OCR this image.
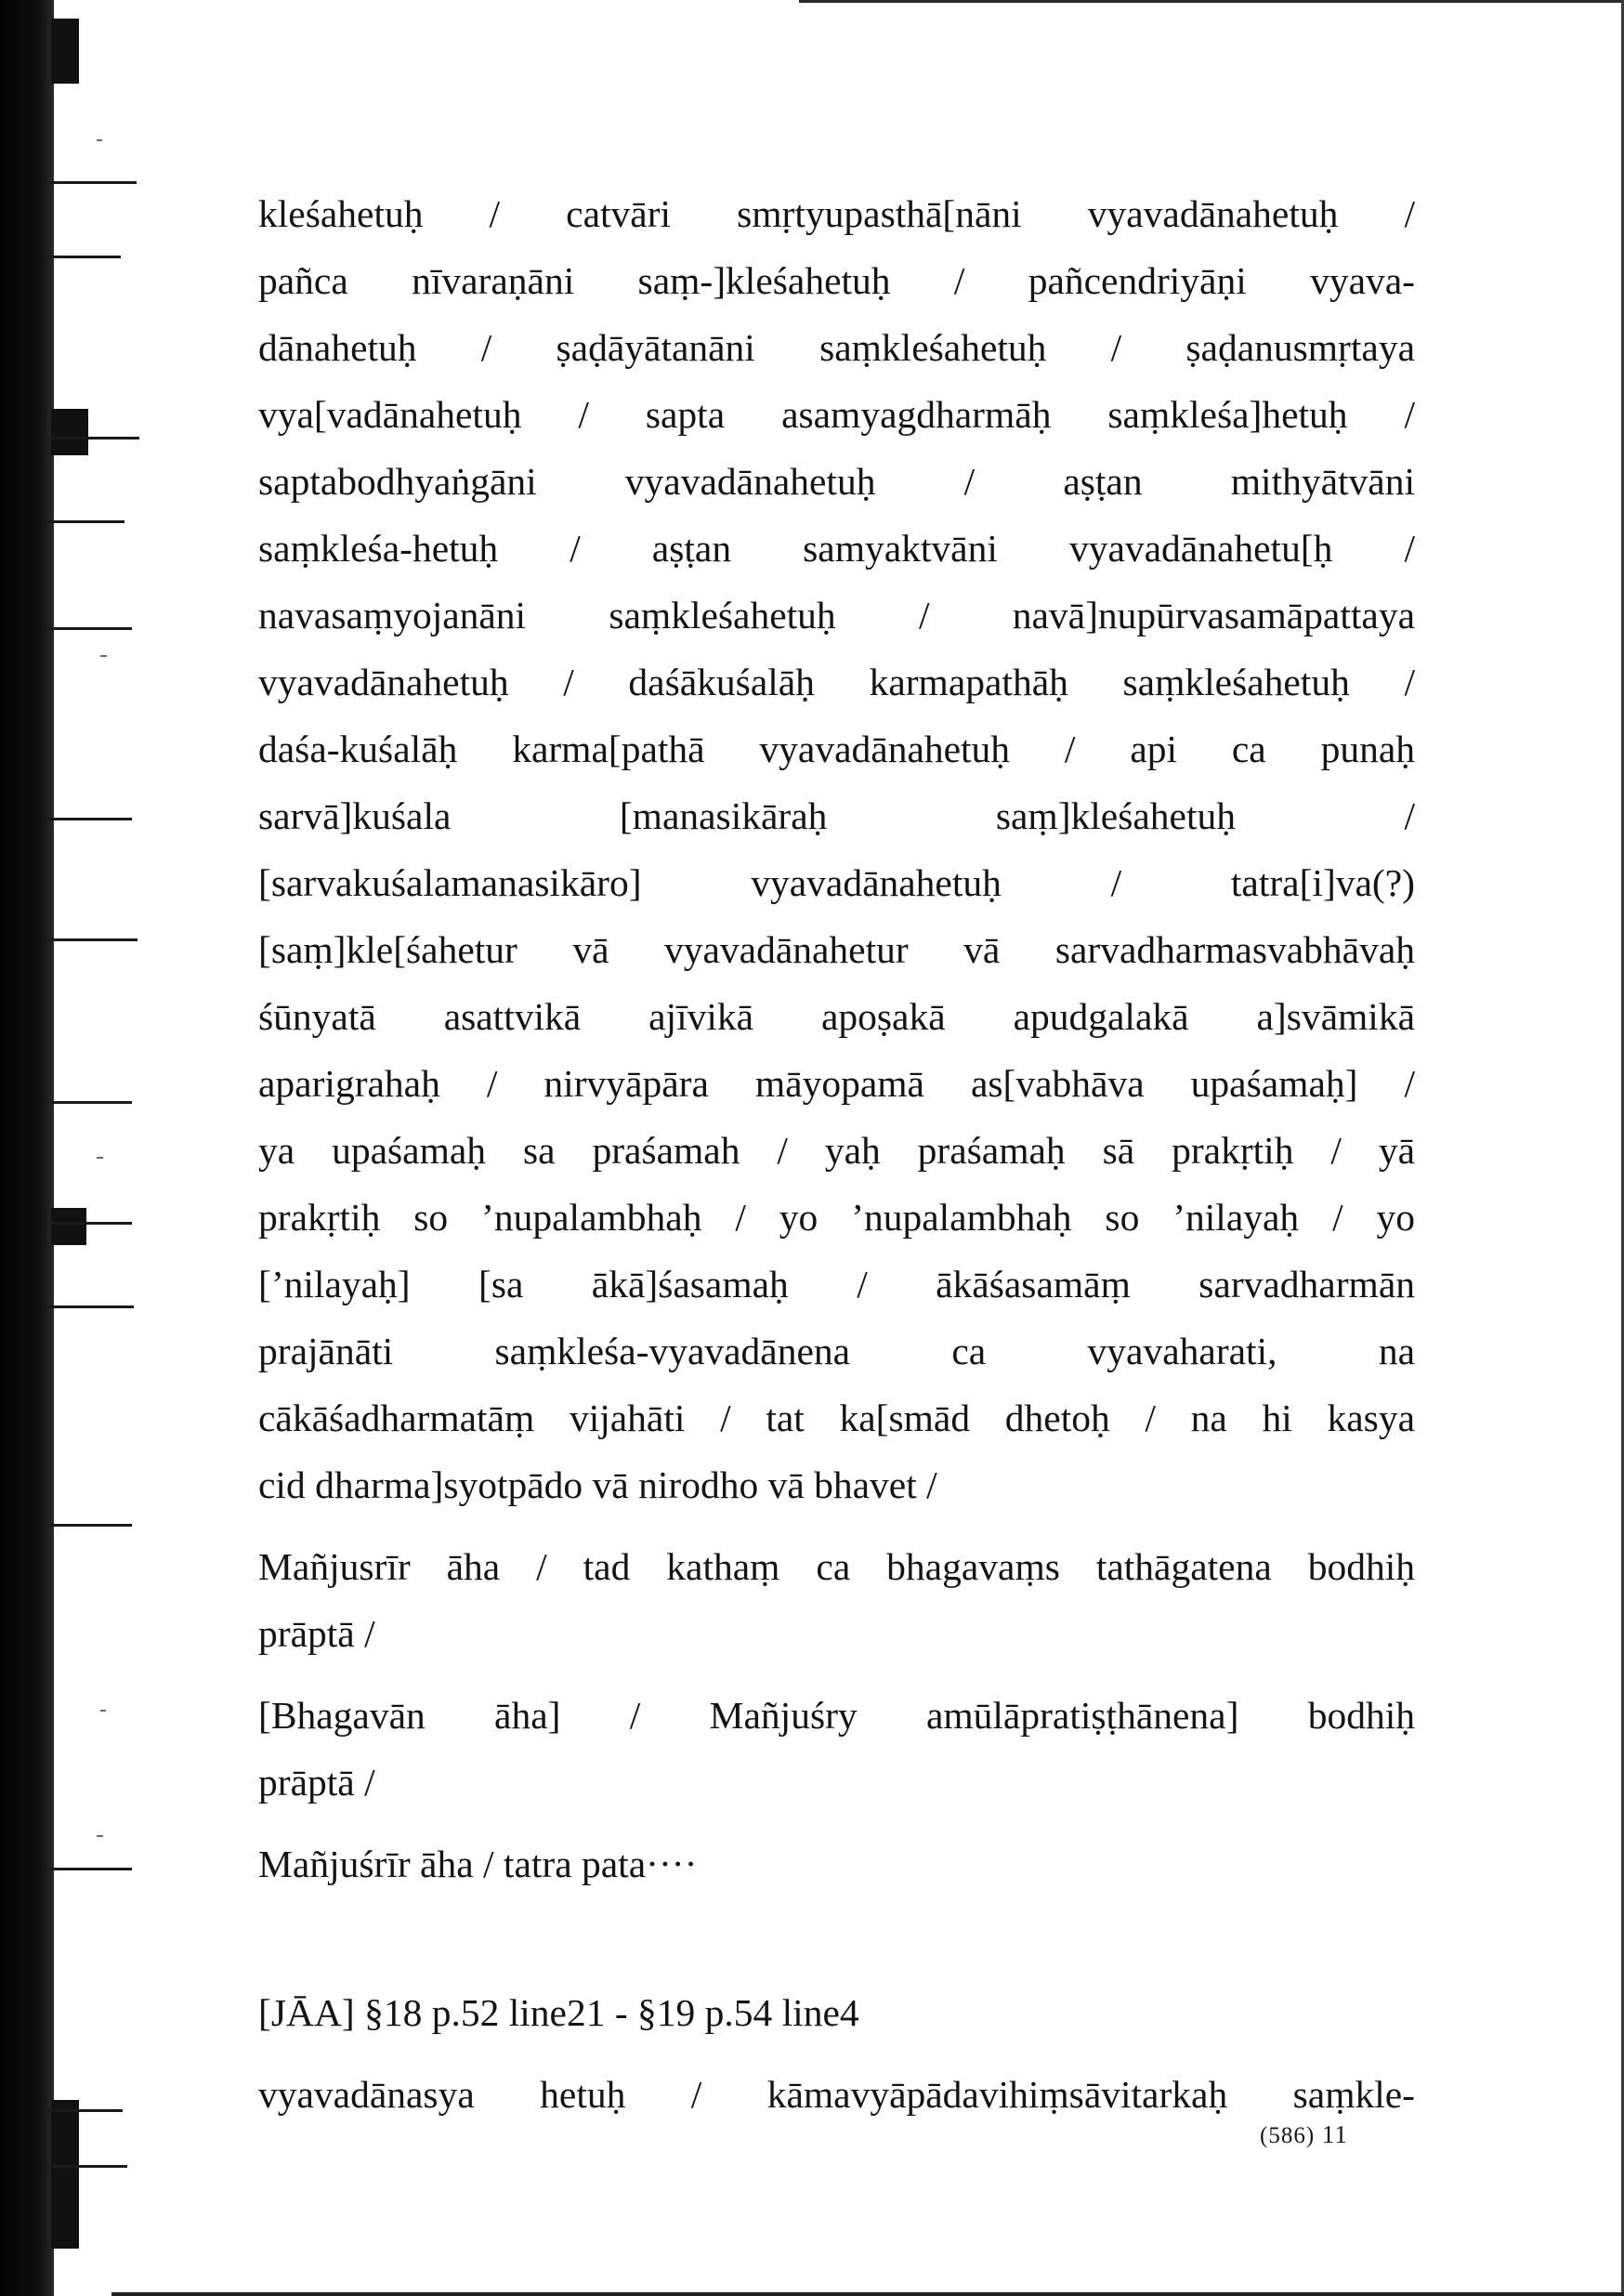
kleśahetuḥ / catvāri smṛtyupasthā[nāni vyavadānahetuḥ /
pañca nīvaraṇāni saṃ-]kleśahetuḥ / pañcendriyāṇi vyava-
dānahetuḥ / ṣaḍāyātanāni saṃkleśahetuḥ / ṣaḍanusmṛtaya
vya[vadānahetuḥ / sapta asamyagdharmāḥ saṃkleśa]hetuḥ /
saptabodhyaṅgāni vyavadānahetuḥ / aṣṭan mithyātvāni
saṃkleśa-hetuḥ / aṣṭan samyaktvāni vyavadānahetu[ḥ /
navasaṃyojanāni saṃkleśahetuḥ / navā]nupūrvasamāpattaya
vyavadānahetuḥ / daśākuśalāḥ karmapathāḥ saṃkleśahetuḥ /
daśa-kuśalāḥ karma[pathā vyavadānahetuḥ / api ca punaḥ
sarvā]kuśala [manasikāraḥ saṃ]kleśahetuḥ /
[sarvakuśalamanasikāro] vyavadānahetuḥ / tatra[i]va(?)
[saṃ]kle[śahetur vā vyavadānahetur vā sarvadharmasvabhāvaḥ
śūnyatā asattvikā ajīvikā apoṣakā apudgalakā a]svāmikā
aparigrahaḥ / nirvyāpāra māyopamā as[vabhāva upaśamaḥ] /
ya upaśamaḥ sa praśamah / yaḥ praśamaḥ sā prakṛtiḥ / yā
prakṛtiḥ so ’nupalambhaḥ / yo ’nupalambhaḥ so ’nilayaḥ / yo
[’nilayaḥ] [sa ākā]śasamaḥ / ākāśasamāṃ sarvadharmān
prajānāti saṃkleśa-vyavadānena ca vyavaharati, na
cākāśadharmatāṃ vijahāti / tat ka[smād dhetoḥ / na hi kasya
cid dharma]syotpādo vā nirodho vā bhavet /
Mañjusrīr āha / tad kathaṃ ca bhagavaṃs tathāgatena bodhiḥ
prāptā /
[Bhagavān āha] / Mañjuśry amūlāpratiṣṭhānena] bodhiḥ
prāptā /
Mañjuśrīr āha / tatra pata····
[JĀA] §18 p.52 line21 - §19 p.54 line4
vyavadānasya hetuḥ / kāmavyāpādavihiṃsāvitarkaḥ saṃkle-
(586) 11
